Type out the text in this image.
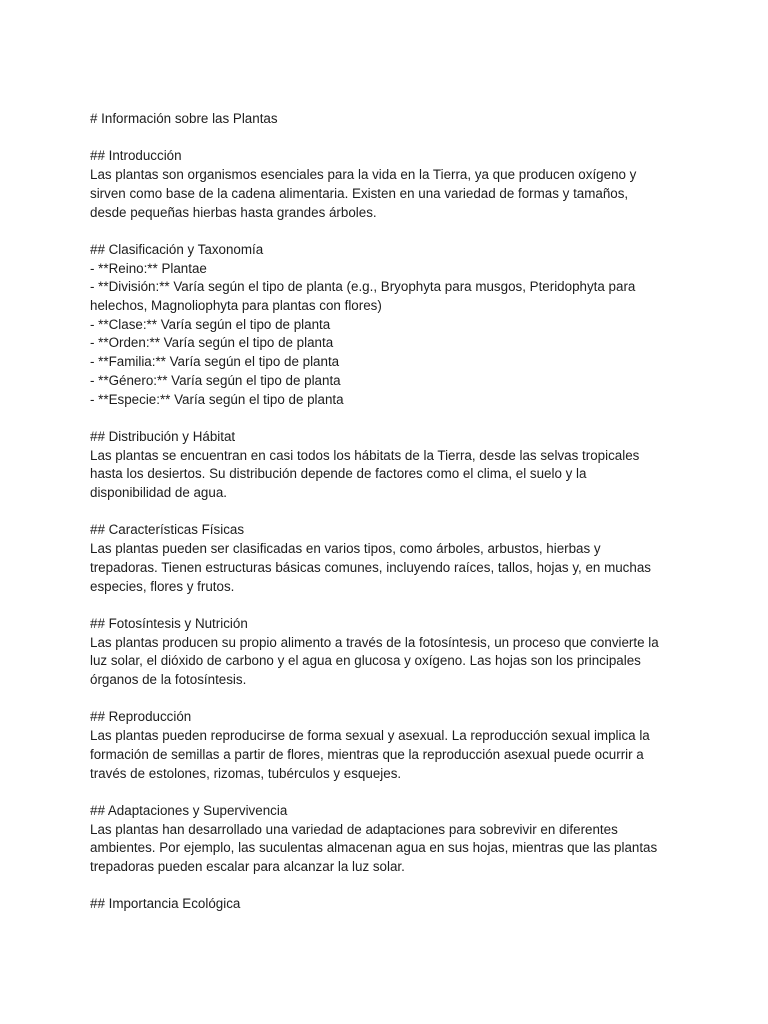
# Información sobre las Plantas
## Introducción
Las plantas son organismos esenciales para la vida en la Tierra, ya que producen oxígeno y
sirven como base de la cadena alimentaria. Existen en una variedad de formas y tamaños,
desde pequeñas hierbas hasta grandes árboles.
## Clasificación y Taxonomía
- **Reino:** Plantae
- **División:** Varía según el tipo de planta (e.g., Bryophyta para musgos, Pteridophyta para
helechos, Magnoliophyta para plantas con flores)
- **Clase:** Varía según el tipo de planta
- **Orden:** Varía según el tipo de planta
- **Familia:** Varía según el tipo de planta
- **Género:** Varía según el tipo de planta
- **Especie:** Varía según el tipo de planta
## Distribución y Hábitat
Las plantas se encuentran en casi todos los hábitats de la Tierra, desde las selvas tropicales
hasta los desiertos. Su distribución depende de factores como el clima, el suelo y la
disponibilidad de agua.
## Características Físicas
Las plantas pueden ser clasificadas en varios tipos, como árboles, arbustos, hierbas y
trepadoras. Tienen estructuras básicas comunes, incluyendo raíces, tallos, hojas y, en muchas
especies, flores y frutos.
## Fotosíntesis y Nutrición
Las plantas producen su propio alimento a través de la fotosíntesis, un proceso que convierte la
luz solar, el dióxido de carbono y el agua en glucosa y oxígeno. Las hojas son los principales
órganos de la fotosíntesis.
## Reproducción
Las plantas pueden reproducirse de forma sexual y asexual. La reproducción sexual implica la
formación de semillas a partir de flores, mientras que la reproducción asexual puede ocurrir a
través de estolones, rizomas, tubérculos y esquejes.
## Adaptaciones y Supervivencia
Las plantas han desarrollado una variedad de adaptaciones para sobrevivir en diferentes
ambientes. Por ejemplo, las suculentas almacenan agua en sus hojas, mientras que las plantas
trepadoras pueden escalar para alcanzar la luz solar.
## Importancia Ecológica
